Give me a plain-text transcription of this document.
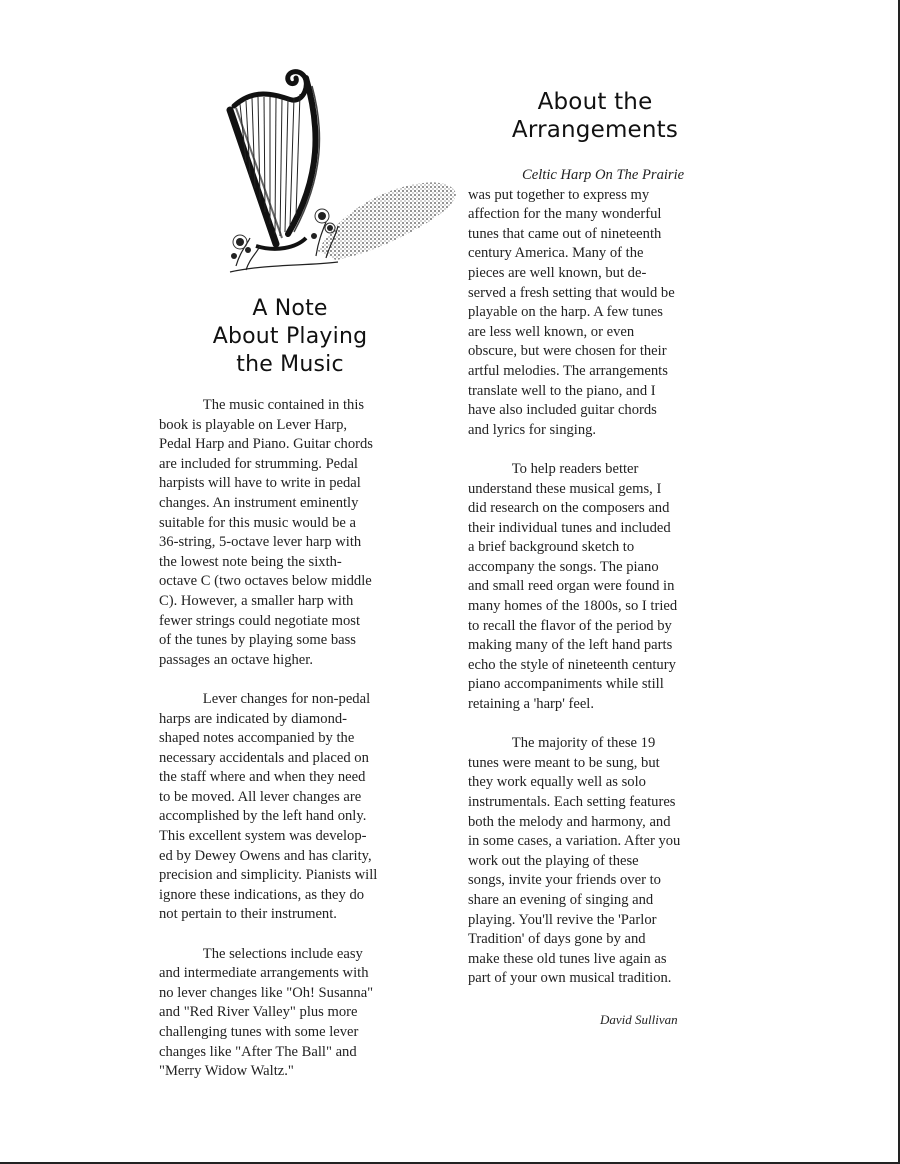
A Note
About Playing
the Music
About the
Arrangements

The music contained in this
book is playable on Lever Harp,
Pedal Harp and Piano. Guitar chords
are included for strumming. Pedal
harpists will have to write in pedal
changes. An instrument eminently
suitable for this music would be a
36-string, 5-octave lever harp with
the lowest note being the sixth-
octave C (two octaves below middle
C). However, a smaller harp with
fewer strings could negotiate most
of the tunes by playing some bass
passages an octave higher.

Lever changes for non-pedal
harps are indicated by diamond-
shaped notes accompanied by the
necessary accidentals and placed on
the staff where and when they need
to be moved. All lever changes are
accomplished by the left hand only.
This excellent system was develop-
ed by Dewey Owens and has clarity,
precision and simplicity. Pianists will
ignore these indications, as they do
not pertain to their instrument.

The selections include easy
and intermediate arrangements with
no lever changes like "Oh! Susanna"
and "Red River Valley" plus more
challenging tunes with some lever
changes like "After The Ball" and
"Merry Widow Waltz."

Celtic Harp On The Prairie
was put together to express my
affection for the many wonderful
tunes that came out of nineteenth
century America. Many of the
pieces are well known, but de-
served a fresh setting that would be
playable on the harp. A few tunes
are less well known, or even
obscure, but were chosen for their
artful melodies. The arrangements
translate well to the piano, and I
have also included guitar chords
and lyrics for singing.

To help readers better
understand these musical gems, I
did research on the composers and
their individual tunes and included
a brief background sketch to
accompany the songs. The piano
and small reed organ were found in
many homes of the 1800s, so I tried
to recall the flavor of the period by
making many of the left hand parts
echo the style of nineteenth century
piano accompaniments while still
retaining a 'harp' feel.

The majority of these 19
tunes were meant to be sung, but
they work equally well as solo
instrumentals. Each setting features
both the melody and harmony, and
in some cases, a variation. After you
work out the playing of these
songs, invite your friends over to
share an evening of singing and
playing. You'll revive the 'Parlor
Tradition' of days gone by and
make these old tunes live again as
part of your own musical tradition.

David Sullivan
